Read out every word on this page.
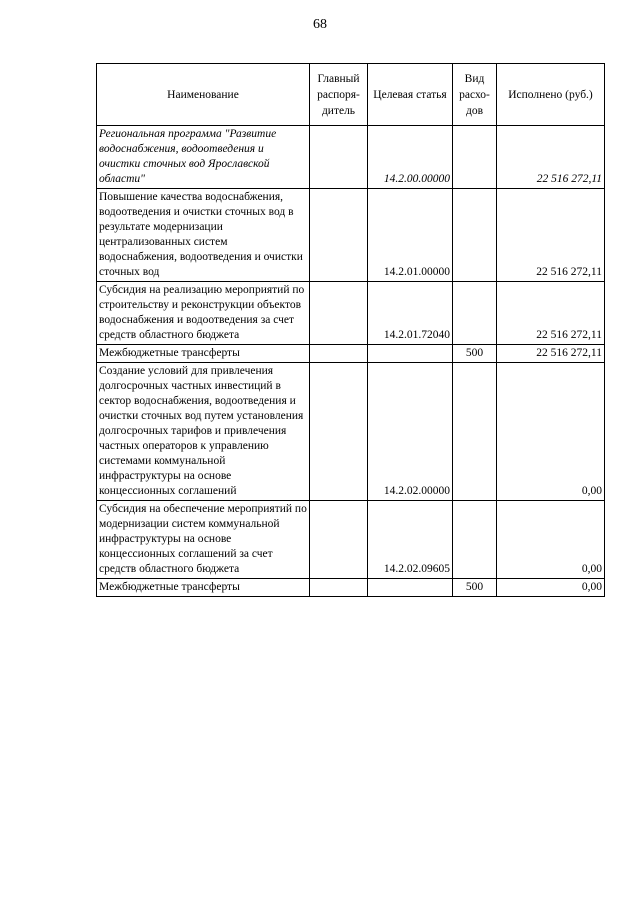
68
Наименование	Главный распоря-дитель	Целевая статья	Вид расхо-дов	Исполнено (руб.)
Региональная программа "Развитие водоснабжения, водоотведения и очистки сточных вод Ярославской области"		14.2.00.00000		22 516 272,11
Повышение качества водоснабжения, водоотведения и очистки сточных вод в результате модернизации централизованных систем водоснабжения, водоотведения и очистки сточных вод		14.2.01.00000		22 516 272,11
Субсидия на реализацию мероприятий по строительству и реконструкции объектов водоснабжения и водоотведения за счет средств областного бюджета		14.2.01.72040		22 516 272,11
Межбюджетные трансферты			500	22 516 272,11
Создание условий для привлечения долгосрочных частных инвестиций в сектор водоснабжения, водоотведения и очистки сточных вод путем установления долгосрочных тарифов и привлечения частных операторов к управлению системами коммунальной инфраструктуры на основе концессионных соглашений		14.2.02.00000		0,00
Субсидия на обеспечение мероприятий по модернизации систем коммунальной инфраструктуры на основе концессионных соглашений за счет средств областного бюджета		14.2.02.09605		0,00
Межбюджетные трансферты			500	0,00
